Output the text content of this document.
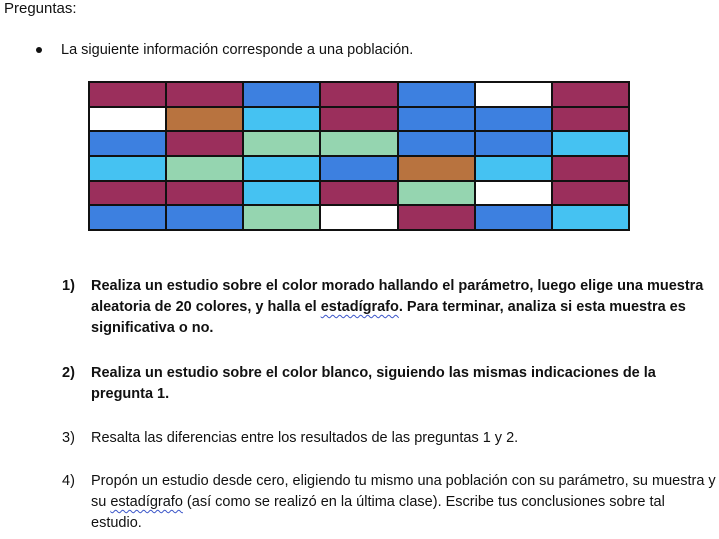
Preguntas:
La siguiente información corresponde a una población.
1) Realiza un estudio sobre el color morado hallando el parámetro, luego elige una muestra aleatoria de 20 colores, y halla el estadígrafo. Para terminar, analiza si esta muestra es significativa o no.
2) Realiza un estudio sobre el color blanco, siguiendo las mismas indicaciones de la pregunta 1.
3) Resalta las diferencias entre los resultados de las preguntas 1 y 2.
4) Propón un estudio desde cero, eligiendo tu mismo una población con su parámetro, su muestra y su estadígrafo (así como se realizó en la última clase). Escribe tus conclusiones sobre tal estudio.
